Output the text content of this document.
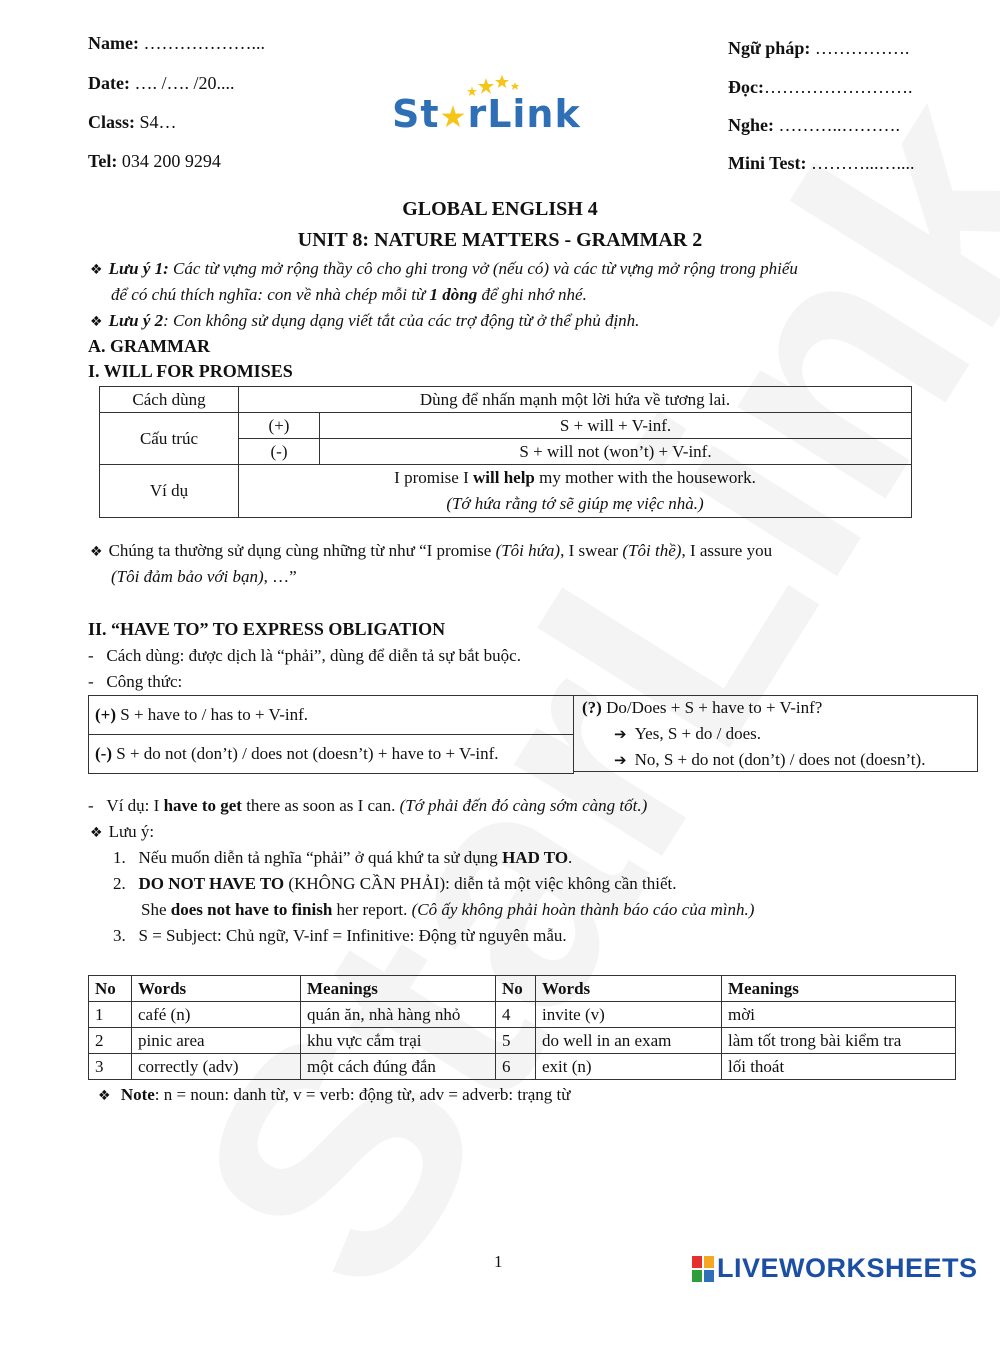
Name: ………………...
Date: …. /…. /20....
Class: S4…
Tel: 034 200 9294
Ngữ pháp: …………….
Đọc:…………………….
Nghe: ………..……….
Mini Test: ………...…....
St★rLink
GLOBAL ENGLISH 4
UNIT 8: NATURE MATTERS - GRAMMAR 2
❖ Lưu ý 1: Các từ vựng mở rộng thầy cô cho ghi trong vở (nếu có) và các từ vựng mở rộng trong phiếu
để có chú thích nghĩa: con về nhà chép mỗi từ 1 dòng để ghi nhớ nhé.
❖ Lưu ý 2: Con không sử dụng dạng viết tắt của các trợ động từ ở thể phủ định.
A. GRAMMAR
I. WILL FOR PROMISES
Cách dùng	Dùng để nhấn mạnh một lời hứa về tương lai.	
Cấu trúc	(+)	S + will + V-inf.
	(-)	S + will not (won’t) + V-inf.
Ví dụ	I promise I will help my mother with the housework.
(Tớ hứa rằng tớ sẽ giúp mẹ việc nhà.)	
❖ Chúng ta thường sử dụng cùng những từ như “I promise (Tôi hứa), I swear (Tôi thề), I assure you
(Tôi đảm bảo với bạn), …”
II. “HAVE TO” TO EXPRESS OBLIGATION
-   Cách dùng: được dịch là “phải”, dùng để diễn tả sự bắt buộc.
-   Công thức:
(+) S + have to / has to + V-inf.
(-) S + do not (don’t) / does not (doesn’t) + have to + V-inf.
(?) Do/Does + S + have to + V-inf?
➔ Yes, S + do / does.
➔ No, S + do not (don’t) / does not (doesn’t).
-   Ví dụ: I have to get there as soon as I can. (Tớ phải đến đó càng sớm càng tốt.)
❖ Lưu ý:
1.   Nếu muốn diễn tả nghĩa “phải” ở quá khứ ta sử dụng HAD TO.
2.   DO NOT HAVE TO (KHÔNG CẦN PHẢI): diễn tả một việc không cần thiết.
She does not have to finish her report. (Cô ấy không phải hoàn thành báo cáo của mình.)
3.   S = Subject: Chủ ngữ, V-inf = Infinitive: Động từ nguyên mẫu.
No	Words	Meanings	No	Words	Meanings
1	café (n)	quán ăn, nhà hàng nhỏ	4	invite (v)	mời
2	pinic area	khu vực cắm trại	5	do well in an exam	làm tốt trong bài kiểm tra
3	correctly (adv)	một cách đúng đắn	6	exit (n)	lối thoát
❖ Note: n = noun: danh từ, v = verb: động từ, adv = adverb: trạng từ
1	LIVEWORKSHEETS
